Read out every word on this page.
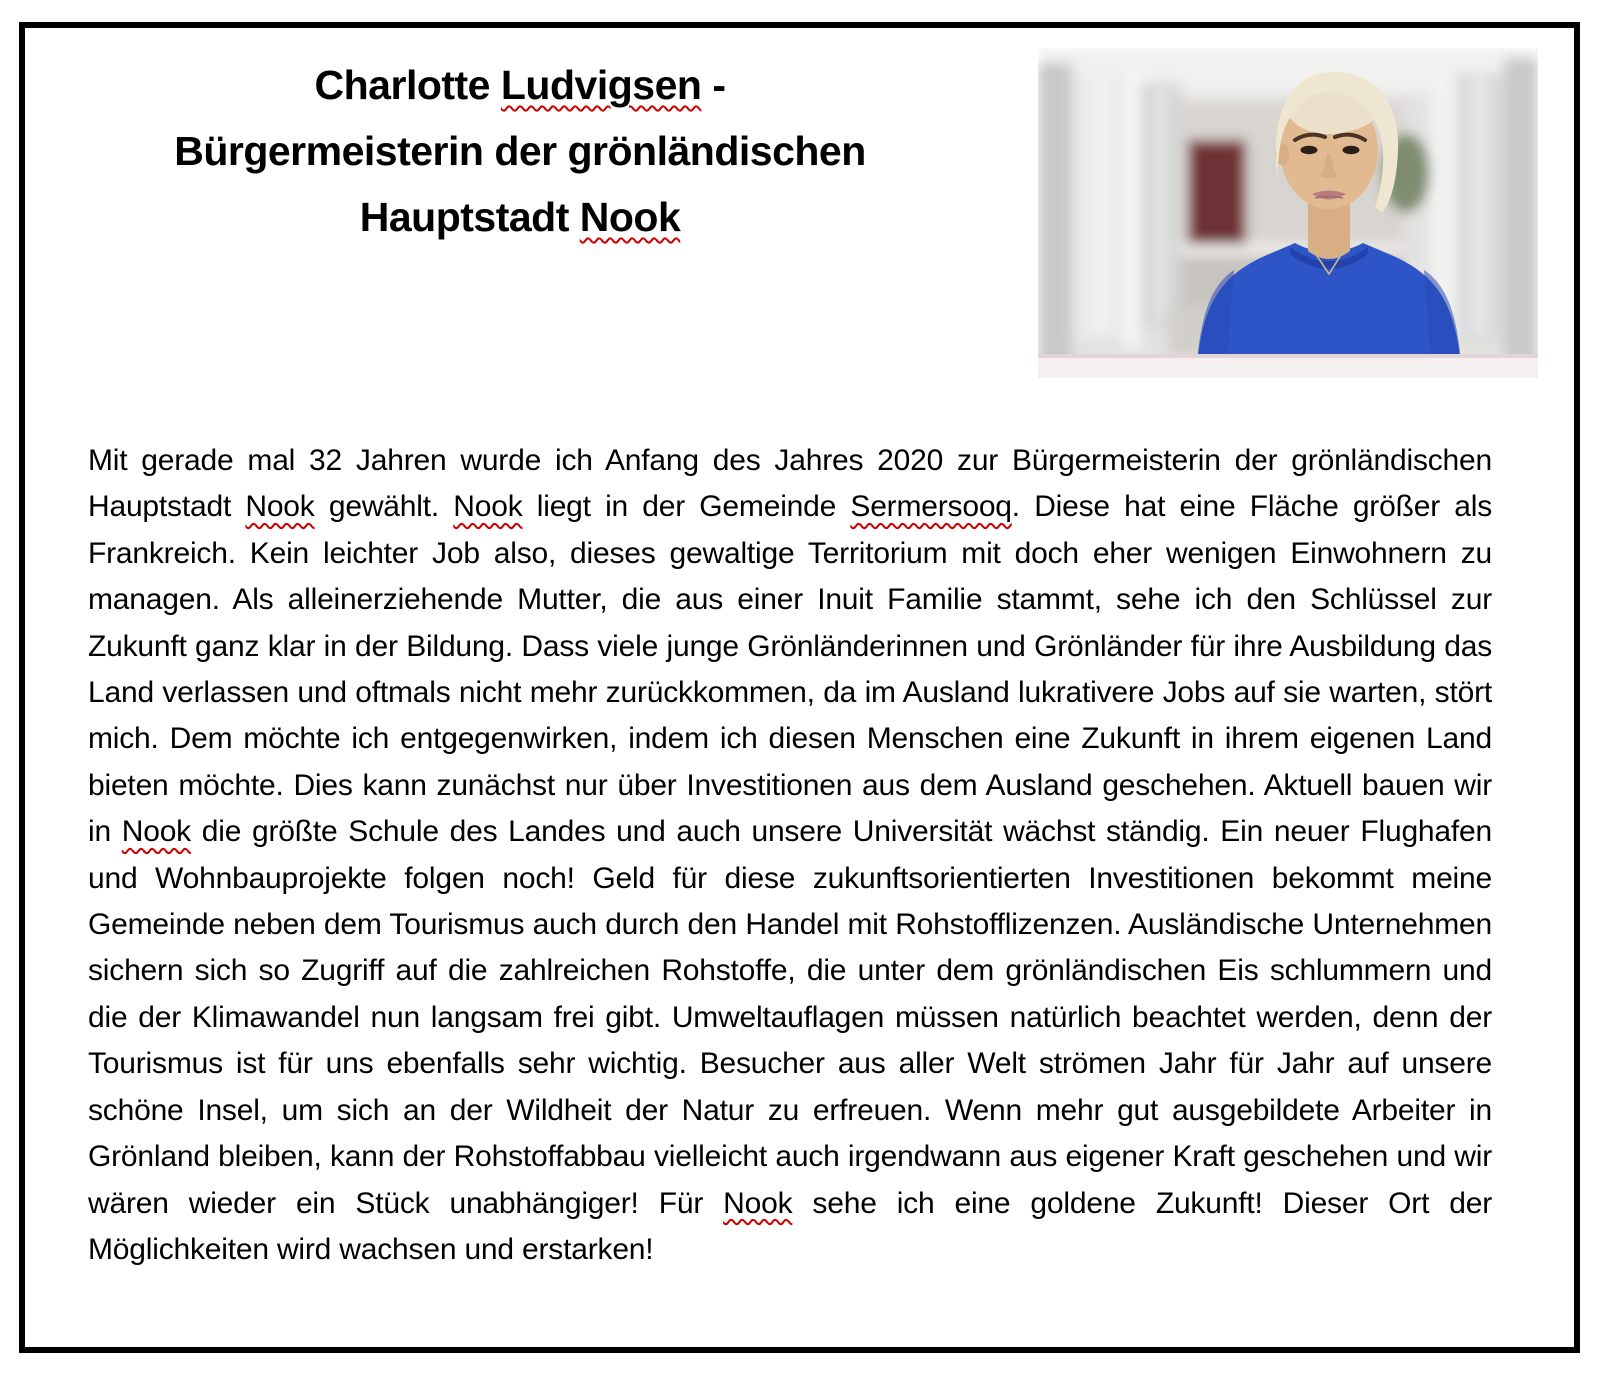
Charlotte Ludvigsen -
Bürgermeisterin der grönländischen
Hauptstadt Nook

Mit gerade mal 32 Jahren wurde ich Anfang des Jahres 2020 zur Bürgermeisterin der grönländischen Hauptstadt Nook gewählt. Nook liegt in der Gemeinde Sermersooq. Diese hat eine Fläche größer als Frankreich. Kein leichter Job also, dieses gewaltige Territorium mit doch eher wenigen Einwohnern zu managen. Als alleinerziehende Mutter, die aus einer Inuit Familie stammt, sehe ich den Schlüssel zur Zukunft ganz klar in der Bildung. Dass viele junge Grönländerinnen und Grönländer für ihre Ausbildung das Land verlassen und oftmals nicht mehr zurückkommen, da im Ausland lukrativere Jobs auf sie warten, stört mich. Dem möchte ich entgegenwirken, indem ich diesen Menschen eine Zukunft in ihrem eigenen Land bieten möchte. Dies kann zunächst nur über Investitionen aus dem Ausland geschehen. Aktuell bauen wir in Nook die größte Schule des Landes und auch unsere Universität wächst ständig. Ein neuer Flughafen und Wohnbauprojekte folgen noch! Geld für diese zukunftsorientierten Investitionen bekommt meine Gemeinde neben dem Tourismus auch durch den Handel mit Rohstofflizenzen. Ausländische Unternehmen sichern sich so Zugriff auf die zahlreichen Rohstoffe, die unter dem grönländischen Eis schlummern und die der Klimawandel nun langsam frei gibt. Umweltauflagen müssen natürlich beachtet werden, denn der Tourismus ist für uns ebenfalls sehr wichtig. Besucher aus aller Welt strömen Jahr für Jahr auf unsere schöne Insel, um sich an der Wildheit der Natur zu erfreuen. Wenn mehr gut ausgebildete Arbeiter in Grönland bleiben, kann der Rohstoffabbau vielleicht auch irgendwann aus eigener Kraft geschehen und wir wären wieder ein Stück unabhängiger! Für Nook sehe ich eine goldene Zukunft! Dieser Ort der Möglichkeiten wird wachsen und erstarken!
